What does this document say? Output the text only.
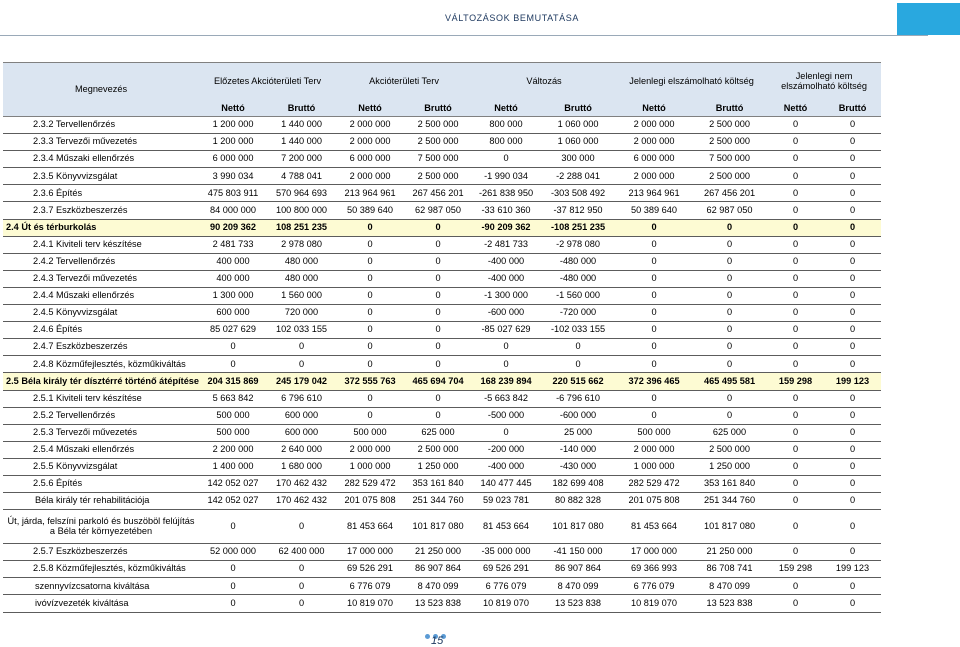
VÁLTOZÁSOK BEMUTATÁSA
Megnevezés	Előzetes Akcióterületi Terv		Akcióterületi Terv		Változás		Jelenlegi elszámolható költség		Jelenlegi nem elszámolható költség	
	Nettó	Bruttó	Nettó	Bruttó	Nettó	Bruttó	Nettó	Bruttó	Nettó	Bruttó
2.3.2 Tervellenőrzés	1 200 000	1 440 000	2 000 000	2 500 000	800 000	1 060 000	2 000 000	2 500 000	0	0
2.3.3 Tervezői művezetés	1 200 000	1 440 000	2 000 000	2 500 000	800 000	1 060 000	2 000 000	2 500 000	0	0
2.3.4 Műszaki ellenőrzés	6 000 000	7 200 000	6 000 000	7 500 000	0	300 000	6 000 000	7 500 000	0	0
2.3.5 Könyvvizsgálat	3 990 034	4 788 041	2 000 000	2 500 000	-1 990 034	-2 288 041	2 000 000	2 500 000	0	0
2.3.6 Építés	475 803 911	570 964 693	213 964 961	267 456 201	-261 838 950	-303 508 492	213 964 961	267 456 201	0	0
2.3.7 Eszközbeszerzés	84 000 000	100 800 000	50 389 640	62 987 050	-33 610 360	-37 812 950	50 389 640	62 987 050	0	0
2.4 Út és térburkolás	90 209 362	108 251 235	0	0	-90 209 362	-108 251 235	0	0	0	0
2.4.1 Kiviteli terv készítése	2 481 733	2 978 080	0	0	-2 481 733	-2 978 080	0	0	0	0
2.4.2 Tervellenőrzés	400 000	480 000	0	0	-400 000	-480 000	0	0	0	0
2.4.3 Tervezői művezetés	400 000	480 000	0	0	-400 000	-480 000	0	0	0	0
2.4.4 Műszaki ellenőrzés	1 300 000	1 560 000	0	0	-1 300 000	-1 560 000	0	0	0	0
2.4.5 Könyvvizsgálat	600 000	720 000	0	0	-600 000	-720 000	0	0	0	0
2.4.6 Építés	85 027 629	102 033 155	0	0	-85 027 629	-102 033 155	0	0	0	0
2.4.7 Eszközbeszerzés	0	0	0	0	0	0	0	0	0	0
2.4.8 Közműfejlesztés, közműkiváltás	0	0	0	0	0	0	0	0	0	0
2.5 Béla király tér dísztérré történő átépítése	204 315 869	245 179 042	372 555 763	465 694 704	168 239 894	220 515 662	372 396 465	465 495 581	159 298	199 123
2.5.1 Kiviteli terv készítése	5 663 842	6 796 610	0	0	-5 663 842	-6 796 610	0	0	0	0
2.5.2 Tervellenőrzés	500 000	600 000	0	0	-500 000	-600 000	0	0	0	0
2.5.3 Tervezői művezetés	500 000	600 000	500 000	625 000	0	25 000	500 000	625 000	0	0
2.5.4 Műszaki ellenőrzés	2 200 000	2 640 000	2 000 000	2 500 000	-200 000	-140 000	2 000 000	2 500 000	0	0
2.5.5 Könyvvizsgálat	1 400 000	1 680 000	1 000 000	1 250 000	-400 000	-430 000	1 000 000	1 250 000	0	0
2.5.6 Építés	142 052 027	170 462 432	282 529 472	353 161 840	140 477 445	182 699 408	282 529 472	353 161 840	0	0
Béla király tér rehabilitációja	142 052 027	170 462 432	201 075 808	251 344 760	59 023 781	80 882 328	201 075 808	251 344 760	0	0
Út, járda, felszíni parkoló és buszöböl felújítás a Béla tér környezetében	0	0	81 453 664	101 817 080	81 453 664	101 817 080	81 453 664	101 817 080	0	0
2.5.7 Eszközbeszerzés	52 000 000	62 400 000	17 000 000	21 250 000	-35 000 000	-41 150 000	17 000 000	21 250 000	0	0
2.5.8 Közműfejlesztés, közműkiváltás	0	0	69 526 291	86 907 864	69 526 291	86 907 864	69 366 993	86 708 741	159 298	199 123
szennyvízcsatorna kiváltása	0	0	6 776 079	8 470 099	6 776 079	8 470 099	6 776 079	8 470 099	0	0
ivóvízvezeték kiváltása	0	0	10 819 070	13 523 838	10 819 070	13 523 838	10 819 070	13 523 838	0	0
15
